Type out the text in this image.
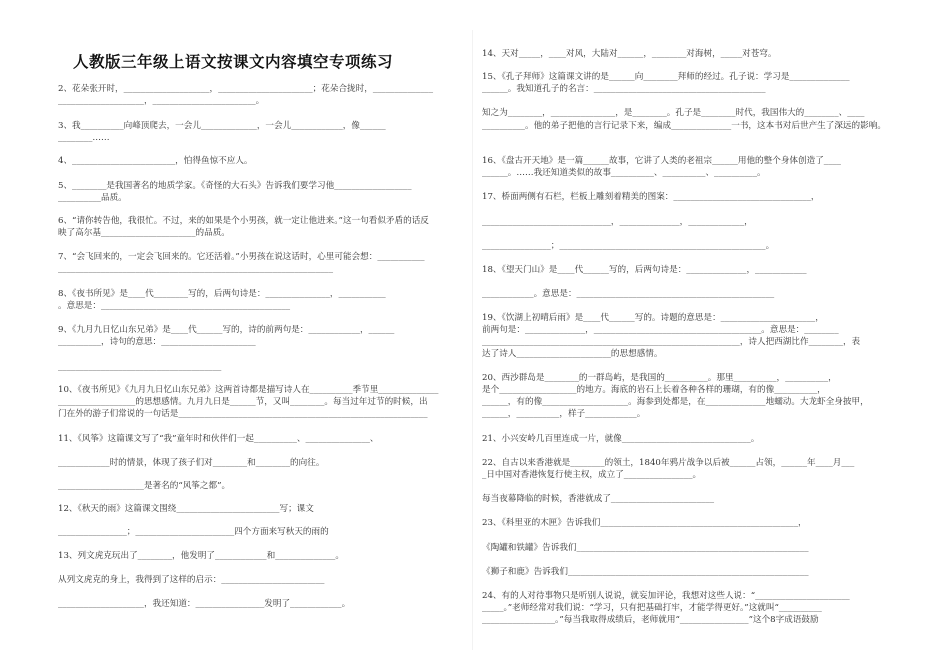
人教版三年级上语文按课文内容填空专项练习
2、花朵张开时，____________________，______________________；花朵合拢时，______________
____________________，________________________。
3、我__________向峰顶爬去，一会儿_____________，一会儿____________，像______
________……
4、________________________，怕得鱼惊不应人。
5、________是我国著名的地质学家。《奇怪的大石头》告诉我们要学习他__________________
__________品质。
6、“请你转告他，我很忙。不过，来的如果是个小男孩，就一定让他进来。”这一句看似矛盾的话反
映了高尔基______________________的品质。
7、“会飞回来的，一定会飞回来的。它还活着。”小男孩在说这话时，心里可能会想：___________
________________________________________________________________
8、《夜书所见》是____代________写的，后两句诗是：_______________，___________
。意思是：____________________________________________
9、《九月九日忆山东兄弟》是____代______写的，诗的前两句是：____________，______
__________，诗句的意思：______________________
______________________________________
10、《夜书所见》《九月九日忆山东兄弟》这两首诗都是描写诗人在__________季节里______________
__________________的思想感情。九月九日是______节，又叫________。每当过年过节的时候，出
门在外的游子们常说的一句话是__________________________________________________________
11、《风筝》这篇课文写了“我”童年时和伙伴们一起__________、_______________、
____________时的情景，体现了孩子们对________和________的向往。
____________________是著名的“风筝之都”。
12、《秋天的雨》这篇课文围绕________________________写；课文
________________；_______________________四个方面来写秋天的雨的
13、列文虎克玩出了________，他发明了____________和______________。
从列文虎克的身上，我得到了这样的启示：________________________
____________________，我还知道：________________发明了____________。
14、天对_____，____对风，大陆对______，________对海树，_____对苍穹。
15、《孔子拜师》这篇课文讲的是______向________拜师的经过。孔子说：学习是______________
______。我知道孔子的名言：________________________________________
知之为________，_______________，是________。孔子是________时代，我国伟大的________、____
__________。他的弟子把他的言行记录下来，编成______________一书，这本书对后世产生了深远的影响。
16、《盘古开天地》是一篇______故事，它讲了人类的老祖宗______用他的整个身体创造了____
______。……我还知道类似的故事__________、__________、__________。
17、桥面两侧有石栏，栏板上雕刻着精美的图案：________________________________，
______________________________，______________，_____________，
________________；________________________________________________。
18、《望天门山》是____代______写的，后两句诗是：______________，____________
____________。意思是：______________________________________________
19、《饮湖上初晴后雨》是____代______写的。诗题的意思是：______________________，
前两句是：______________，_______________________________________。意思是：________
____________________________________________________________，诗人把西湖比作________，表
达了诗人______________________的思想感情。
20、西沙群岛是________的一群岛屿，是我国的__________。那里__________，__________，
是个__________________的地方。海底的岩石上长着各种各样的珊瑚，有的像__________，
______，有的像____________________。海参到处都是，在______________地蠕动。大龙虾全身披甲，
______，__________，样子____________。
21、小兴安岭几百里连成一片，就像______________________________。
22、自古以来香港就是________的领土，1840年鸦片战争以后被______占领，______年____月___
_日中国对香港恢复行使主权，成立了________________。
每当夜幕降临的时候，香港就成了________________________
23、《科里亚的木匣》告诉我们______________________________________________，
《陶罐和铁罐》告诉我们______________________________________________________
《狮子和鹿》告诉我们________________________________________________________
24、有的人对待事物只是听别人说说，就妄加评论，我想对这些人说：“______________________
_____。”老师经常对我们说：“学习，只有把基础打牢，才能学得更好。”这就叫“__________
_________________。”每当我取得成绩后，老师就用“________________”这个8字成语鼓励
